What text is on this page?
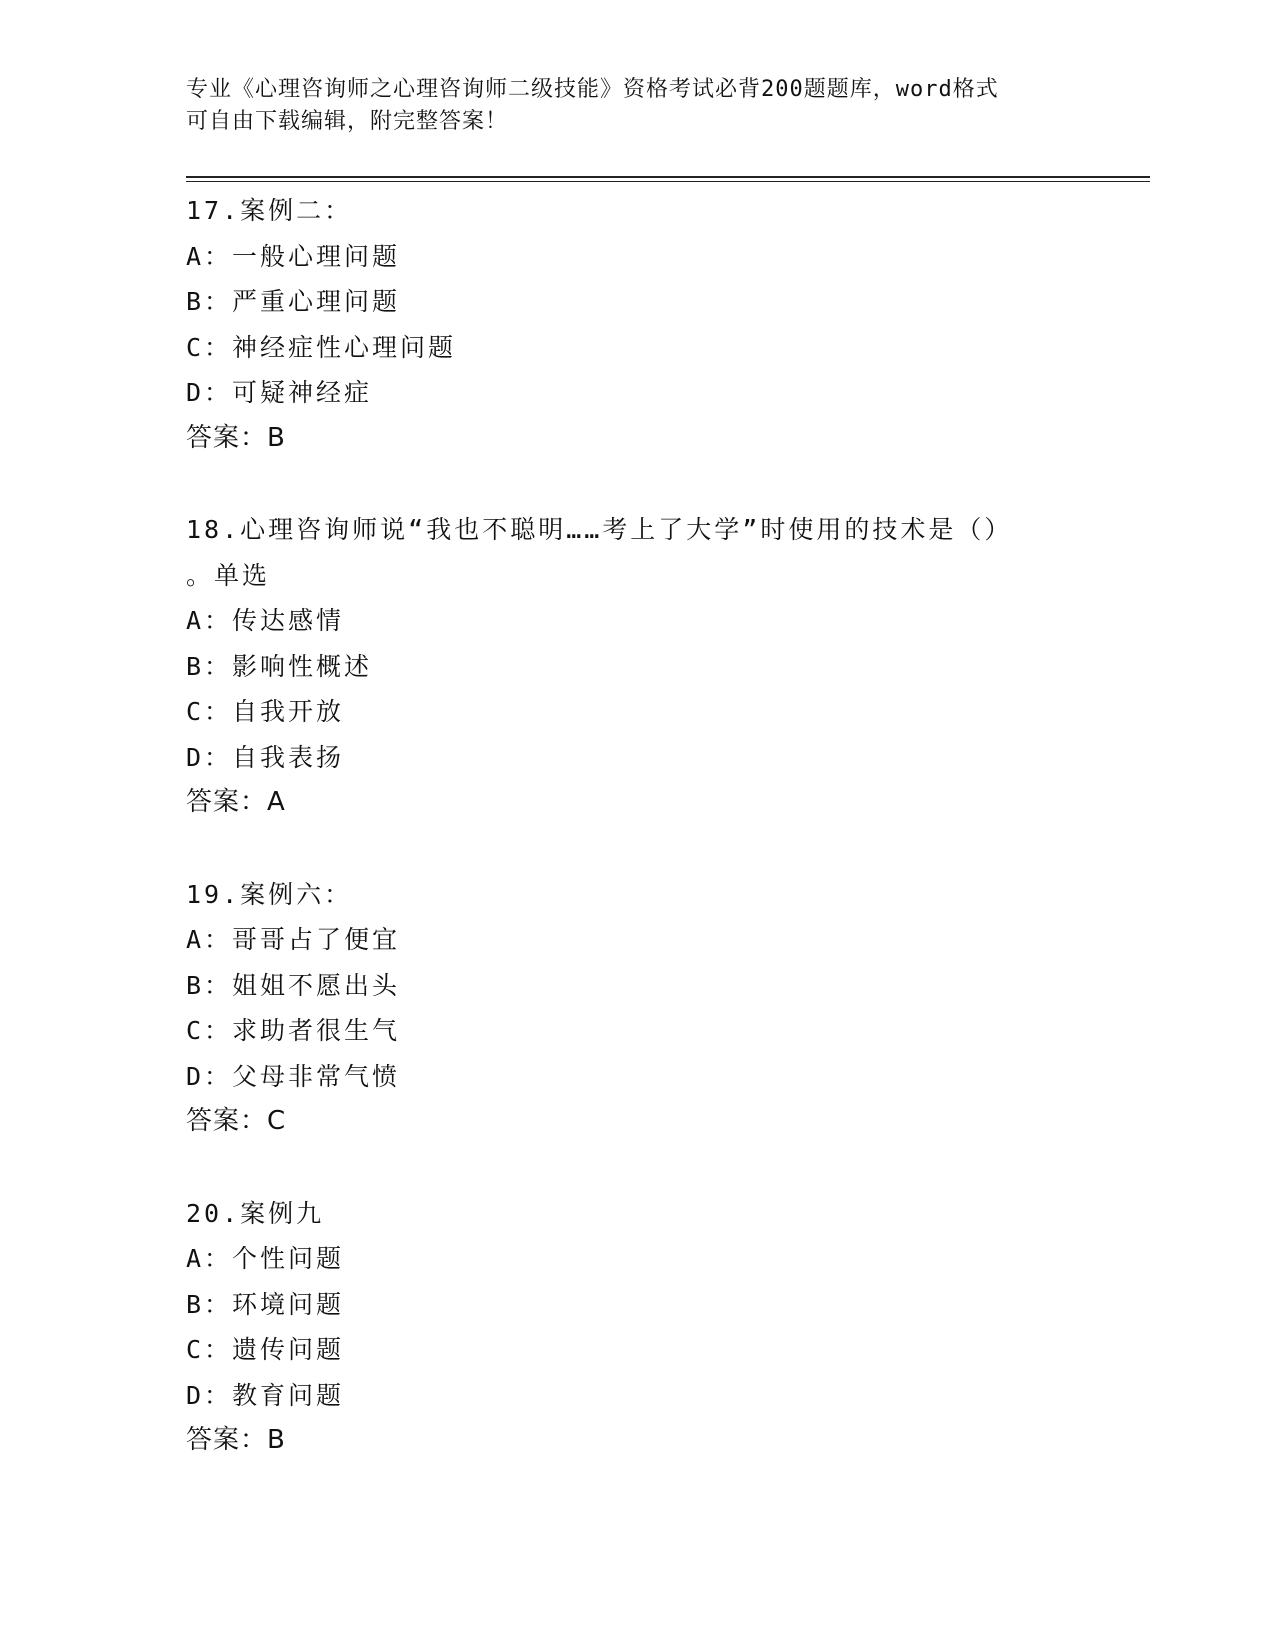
专业《心理咨询师之心理咨询师二级技能》资格考试必背200题题库，word格式
可自由下载编辑，附完整答案！
17.案例二：
A：一般心理问题
B：严重心理问题
C：神经症性心理问题
D：可疑神经症
答案：B
18.心理咨询师说“我也不聪明……考上了大学”时使用的技术是（）
。单选
A：传达感情
B：影响性概述
C：自我开放
D：自我表扬
答案：A
19.案例六：
A：哥哥占了便宜
B：姐姐不愿出头
C：求助者很生气
D：父母非常气愤
答案：C
20.案例九
A：个性问题
B：环境问题
C：遗传问题
D：教育问题
答案：B
